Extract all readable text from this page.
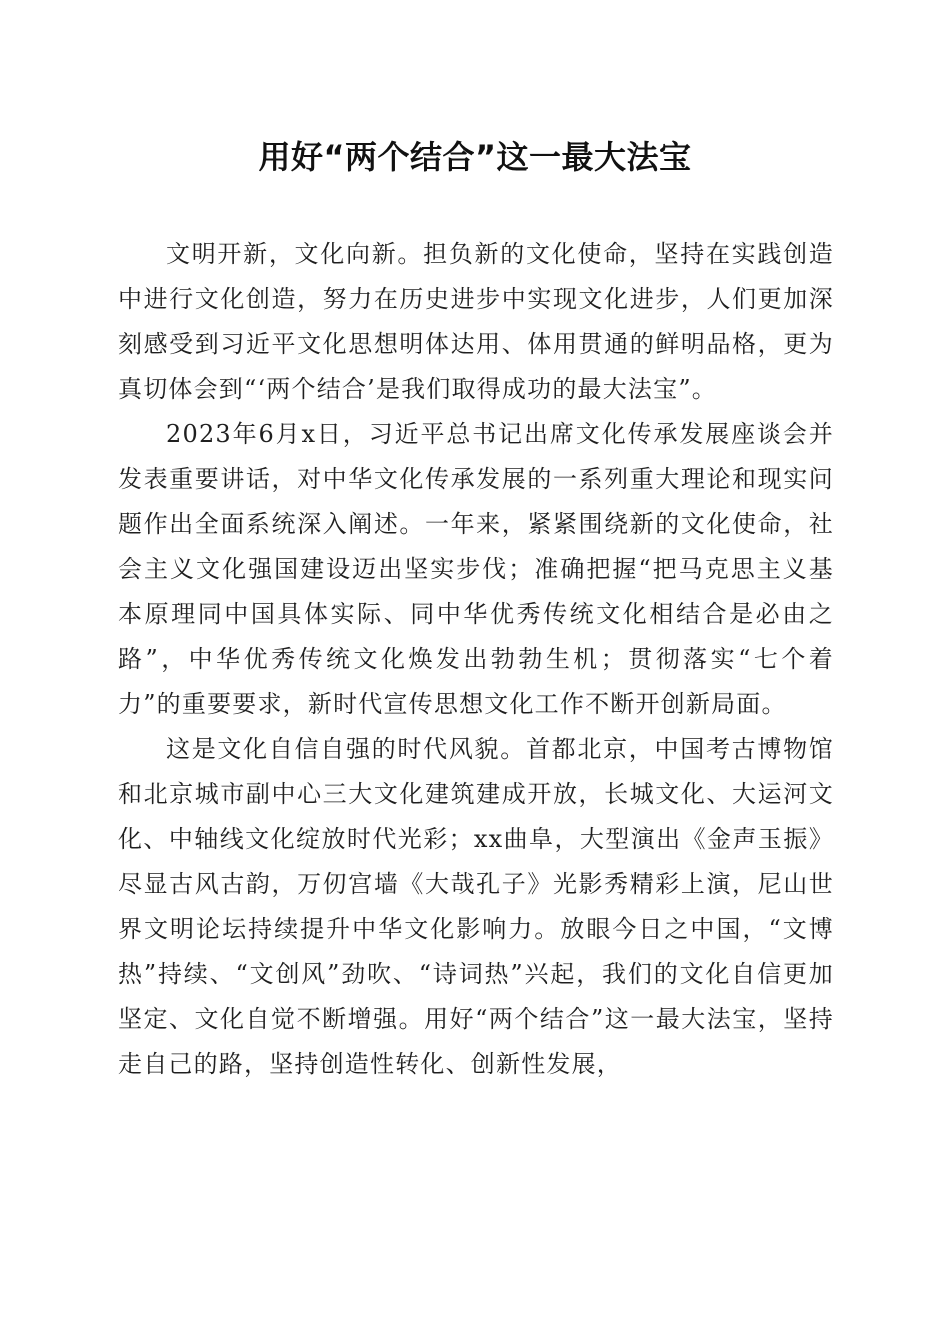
用好“两个结合”这一最大法宝

文明开新，文化向新。担负新的文化使命，坚持在实践创造中进行文化创造，努力在历史进步中实现文化进步，人们更加深刻感受到习近平文化思想明体达用、体用贯通的鲜明品格，更为真切体会到“‘两个结合’是我们取得成功的最大法宝”。

2023年6月x日，习近平总书记出席文化传承发展座谈会并发表重要讲话，对中华文化传承发展的一系列重大理论和现实问题作出全面系统深入阐述。一年来，紧紧围绕新的文化使命，社会主义文化强国建设迈出坚实步伐；准确把握“把马克思主义基本原理同中国具体实际、同中华优秀传统文化相结合是必由之路”，中华优秀传统文化焕发出勃勃生机；贯彻落实“七个着力”的重要要求，新时代宣传思想文化工作不断开创新局面。

这是文化自信自强的时代风貌。首都北京，中国考古博物馆和北京城市副中心三大文化建筑建成开放，长城文化、大运河文化、中轴线文化绽放时代光彩；xx曲阜，大型演出《金声玉振》尽显古风古韵，万仞宫墙《大哉孔子》光影秀精彩上演，尼山世界文明论坛持续提升中华文化影响力。放眼今日之中国，“文博热”持续、“文创风”劲吹、“诗词热”兴起，我们的文化自信更加坚定、文化自觉不断增强。用好“两个结合”这一最大法宝，坚持走自己的路，坚持创造性转化、创新性发展，
